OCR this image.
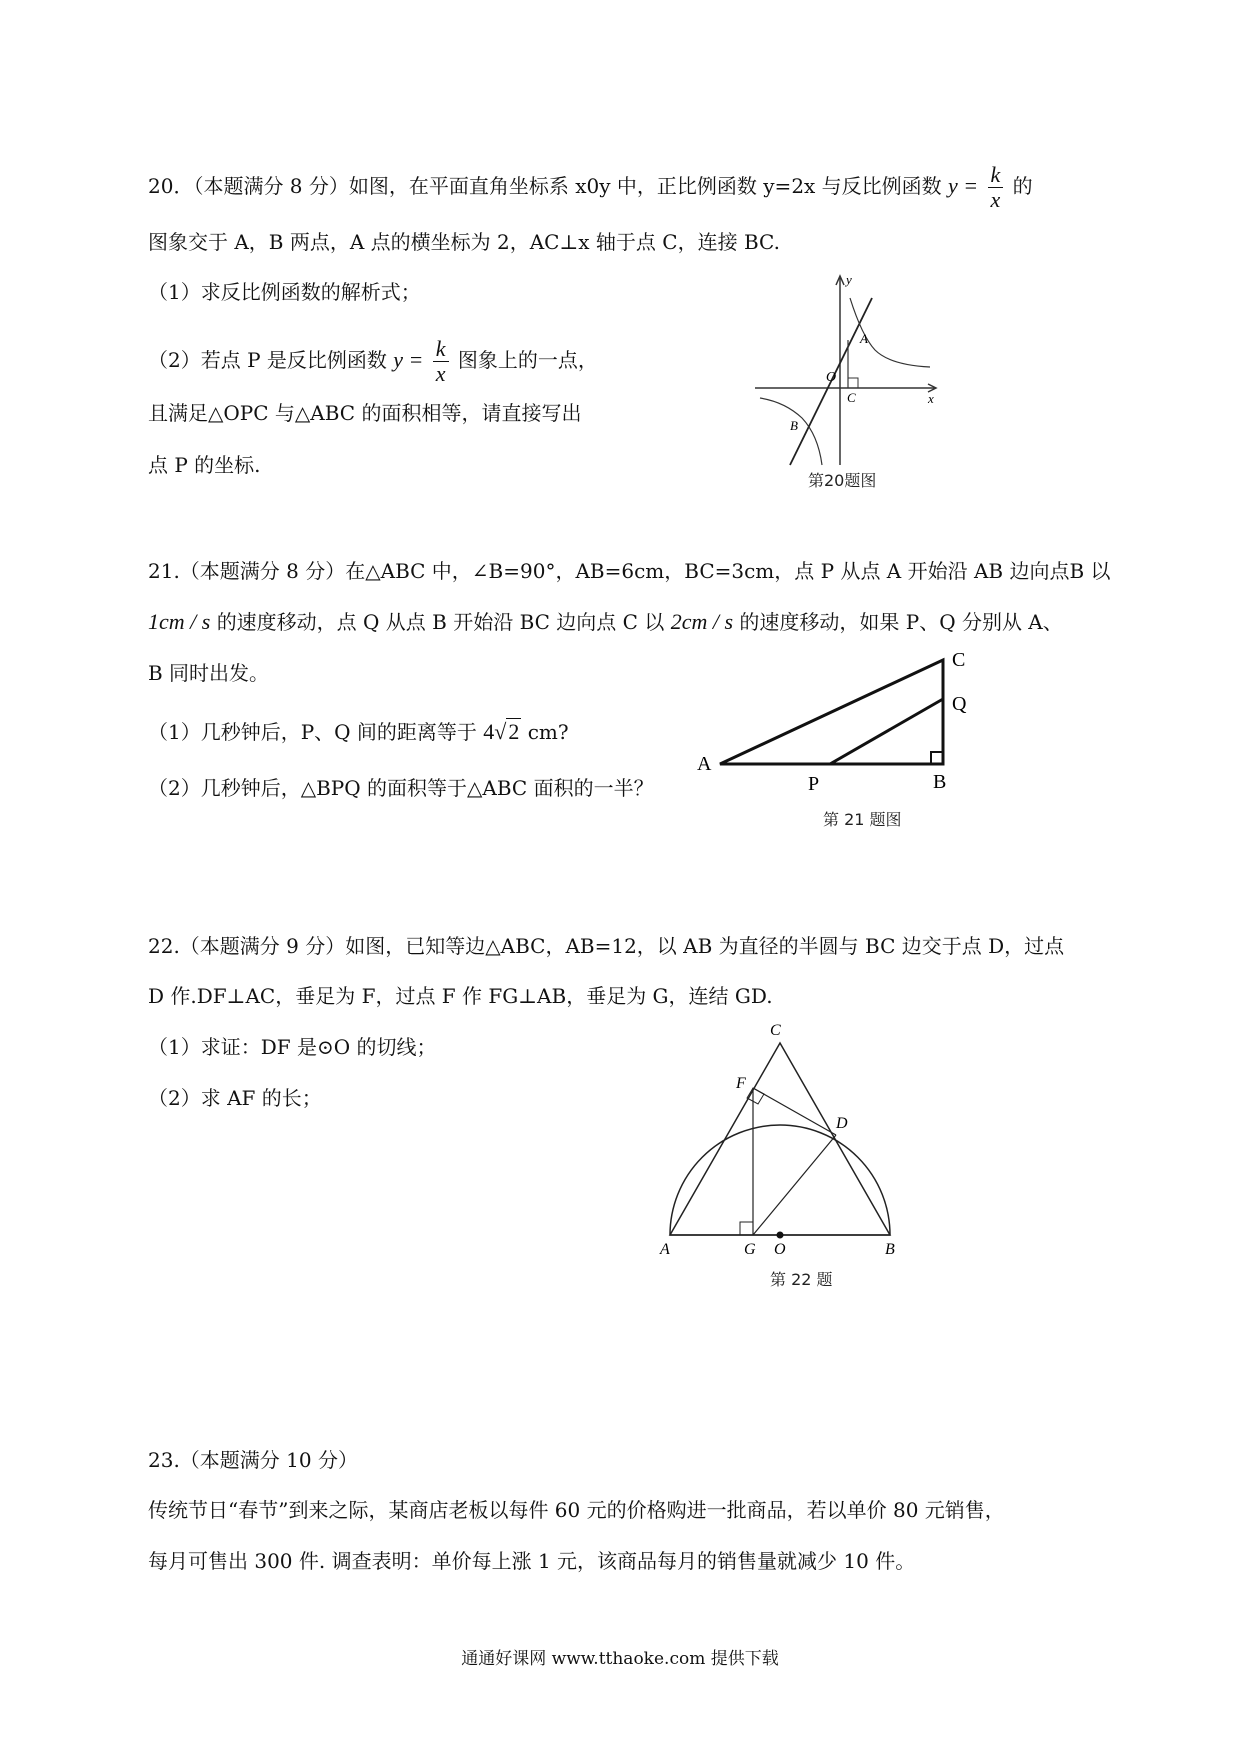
20．（本题满分 8 分）如图，在平面直角坐标系 x0y 中，正比例函数 y=2x 与反比例函数 $y = \frac{k}{x}$ 的
图象交于 A，B 两点，A 点的横坐标为 2，AC⊥x 轴于点 C，连接 BC.
（1）求反比例函数的解析式；
（2）若点 P 是反比例函数 $y = \frac{k}{x}$ 图象上的一点，
且满足△OPC 与△ABC 的面积相等，请直接写出
点 P 的坐标.
y
x
O
A
B
C
第20题图
21.（本题满分 8 分）在△ABC 中，∠B=90°，AB=6cm，BC=3cm，点 P 从点 A 开始沿 AB 边向点B 以
1cm / s 的速度移动，点 Q 从点 B 开始沿 BC 边向点 C 以 2cm / s 的速度移动，如果 P、Q 分别从 A、
B 同时出发。
（1）几秒钟后，P、Q 间的距离等于 4√2 cm?
（2）几秒钟后，△BPQ 的面积等于△ABC 面积的一半？
A
B
C
P
Q
第 21 题图
22.（本题满分 9 分）如图，已知等边△ABC，AB=12，以 AB 为直径的半圆与 BC 边交于点 D，过点
D 作.DF⊥AC，垂足为 F，过点 F 作 FG⊥AB，垂足为 G，连结 GD.
（1）求证：DF 是⊙O 的切线；
（2）求 AF 的长；
A	B
C
D
F
G O
第 22 题
23.（本题满分 10 分）
传统节日“春节”到来之际，某商店老板以每件 60 元的价格购进一批商品，若以单价 80 元销售，
每月可售出 300 件. 调查表明：单价每上涨 1 元，该商品每月的销售量就减少 10 件。
通通好课网 www.tthaoke.com 提供下载
